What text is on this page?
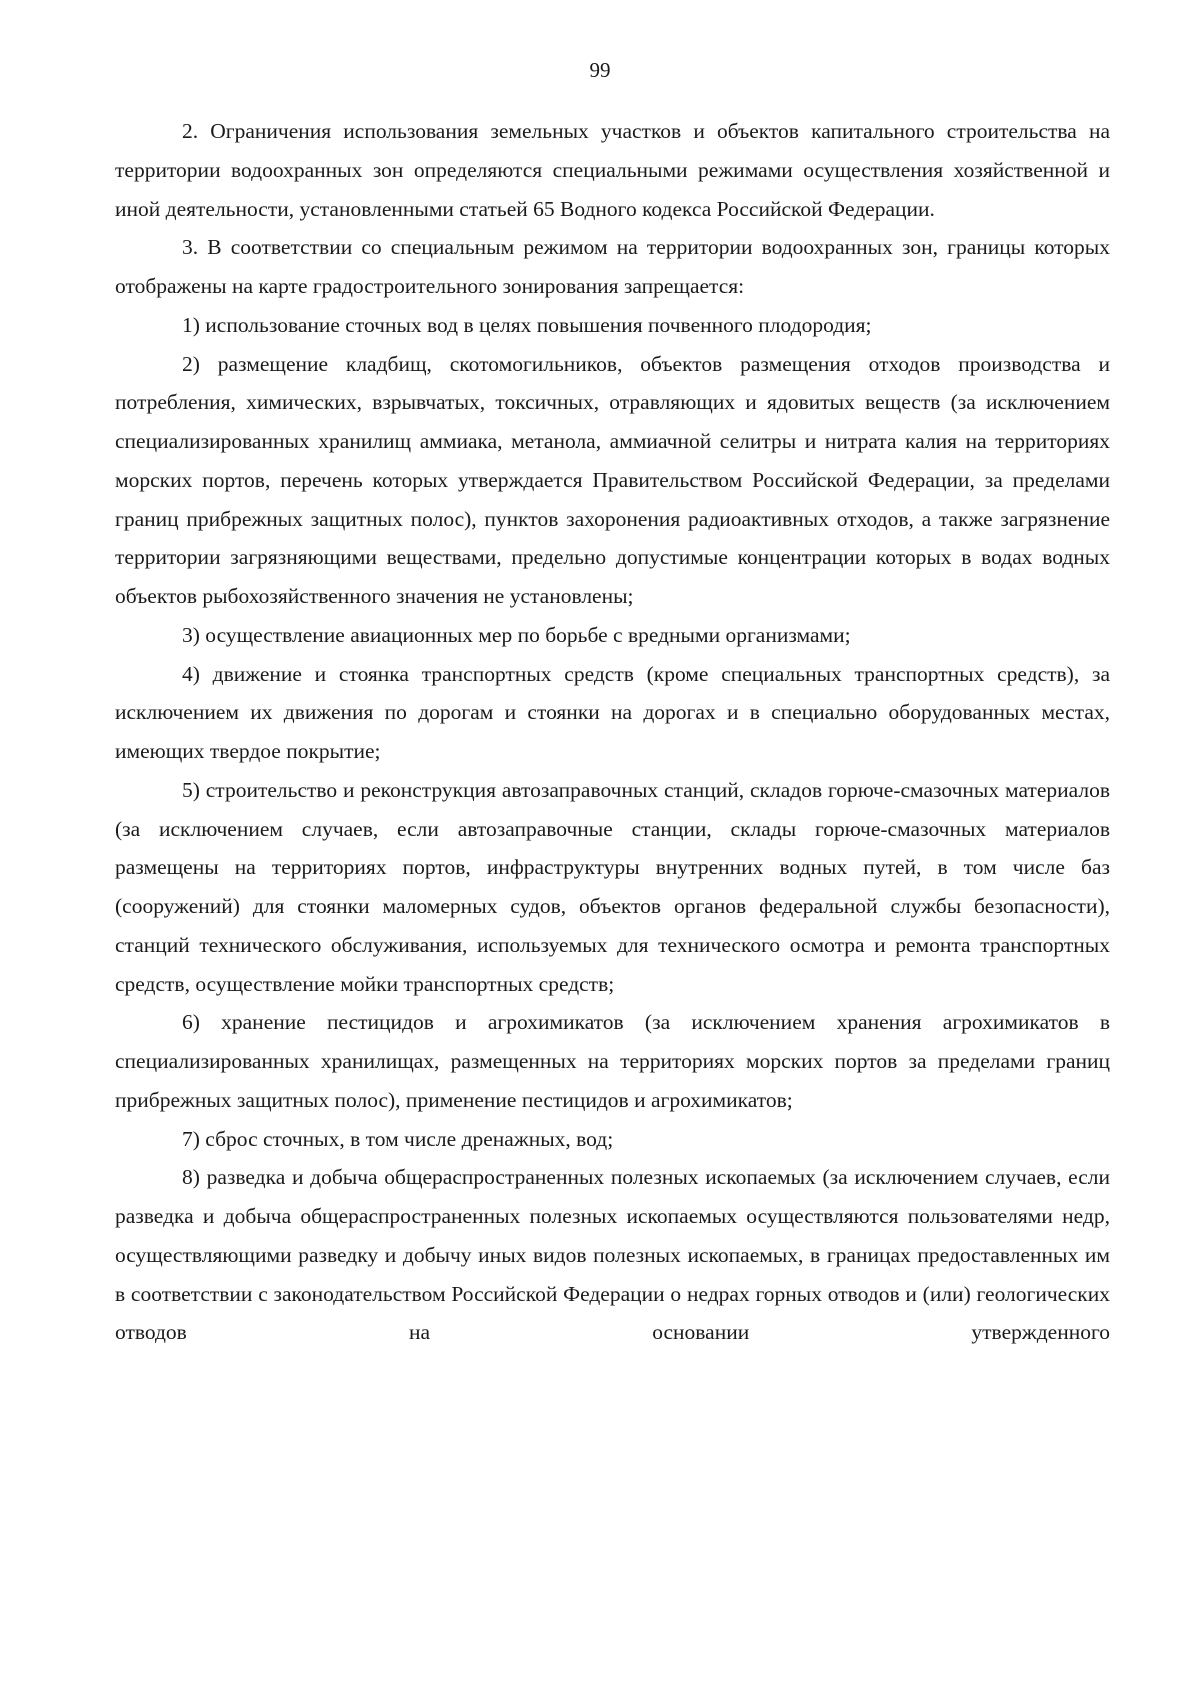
99

2. Ограничения использования земельных участков и объектов капитального строительства на территории водоохранных зон определяются специальными режимами осуществления хозяйственной и иной деятельности, установленными статьей 65 Водного кодекса Российской Федерации.

3. В соответствии со специальным режимом на территории водоохранных зон, границы которых отображены на карте градостроительного зонирования запрещается:

1) использование сточных вод в целях повышения почвенного плодородия;

2) размещение кладбищ, скотомогильников, объектов размещения отходов производства и потребления, химических, взрывчатых, токсичных, отравляющих и ядовитых веществ (за исключением специализированных хранилищ аммиака, метанола, аммиачной селитры и нитрата калия на территориях морских портов, перечень которых утверждается Правительством Российской Федерации, за пределами границ прибрежных защитных полос), пунктов захоронения радиоактивных отходов, а также загрязнение территории загрязняющими веществами, предельно допустимые концентрации которых в водах водных объектов рыбохозяйственного значения не установлены;

3) осуществление авиационных мер по борьбе с вредными организмами;

4) движение и стоянка транспортных средств (кроме специальных транспортных средств), за исключением их движения по дорогам и стоянки на дорогах и в специально оборудованных местах, имеющих твердое покрытие;

5) строительство и реконструкция автозаправочных станций, складов горюче-смазочных материалов (за исключением случаев, если автозаправочные станции, склады горюче-смазочных материалов размещены на территориях портов, инфраструктуры внутренних водных путей, в том числе баз (сооружений) для стоянки маломерных судов, объектов органов федеральной службы безопасности), станций технического обслуживания, используемых для технического осмотра и ремонта транспортных средств, осуществление мойки транспортных средств;

6) хранение пестицидов и агрохимикатов (за исключением хранения агрохимикатов в специализированных хранилищах, размещенных на территориях морских портов за пределами границ прибрежных защитных полос), применение пестицидов и агрохимикатов;

7) сброс сточных, в том числе дренажных, вод;

8) разведка и добыча общераспространенных полезных ископаемых (за исключением случаев, если разведка и добыча общераспространенных полезных ископаемых осуществляются пользователями недр, осуществляющими разведку и добычу иных видов полезных ископаемых, в границах предоставленных им в соответствии с законодательством Российской Федерации о недрах горных отводов и (или) геологических отводов на основании утвержденного
